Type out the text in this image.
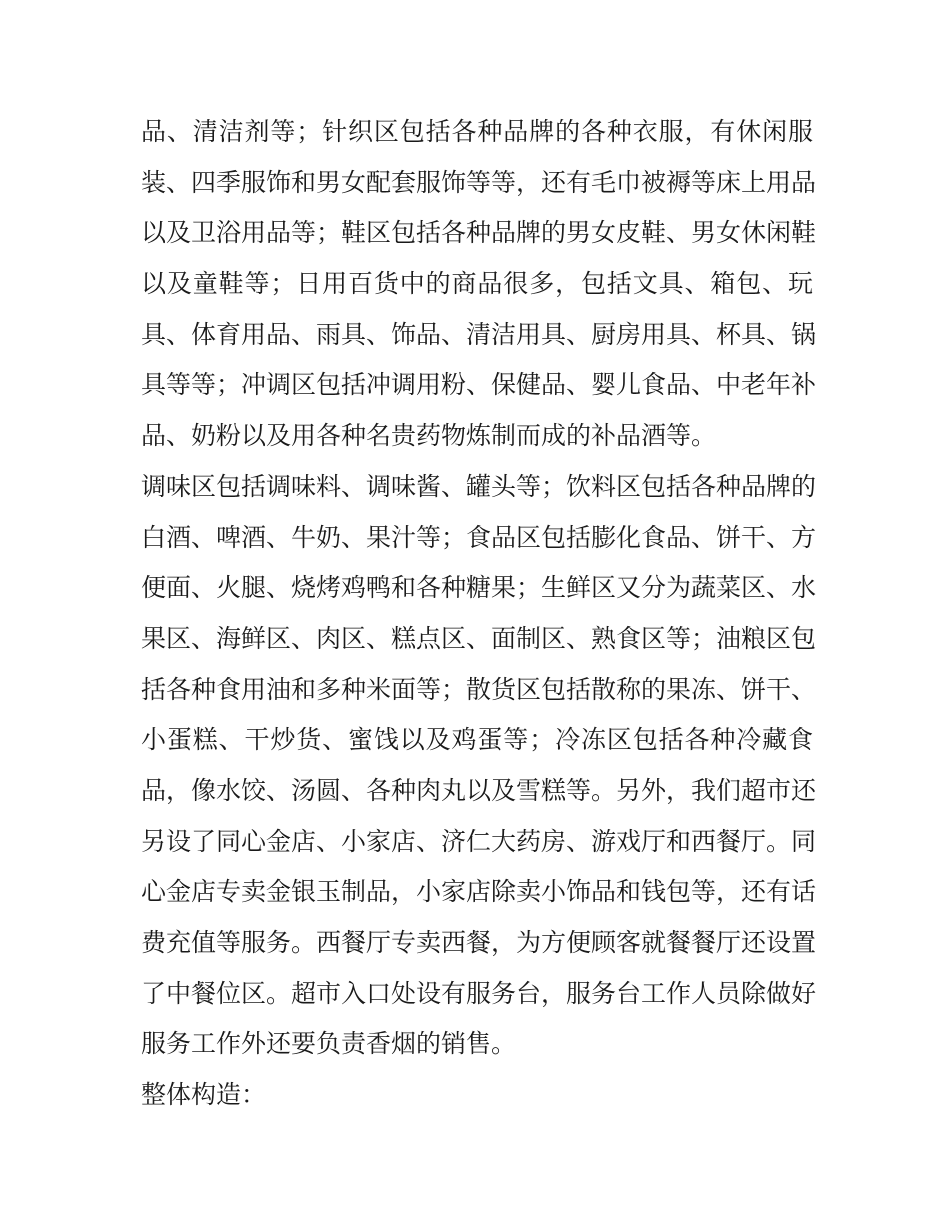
品、清洁剂等；针织区包括各种品牌的各种衣服，有休闲服
装、四季服饰和男女配套服饰等等，还有毛巾被褥等床上用品
以及卫浴用品等；鞋区包括各种品牌的男女皮鞋、男女休闲鞋
以及童鞋等；日用百货中的商品很多，包括文具、箱包、玩
具、体育用品、雨具、饰品、清洁用具、厨房用具、杯具、锅
具等等；冲调区包括冲调用粉、保健品、婴儿食品、中老年补
品、奶粉以及用各种名贵药物炼制而成的补品酒等。
调味区包括调味料、调味酱、罐头等；饮料区包括各种品牌的
白酒、啤酒、牛奶、果汁等；食品区包括膨化食品、饼干、方
便面、火腿、烧烤鸡鸭和各种糖果；生鲜区又分为蔬菜区、水
果区、海鲜区、肉区、糕点区、面制区、熟食区等；油粮区包
括各种食用油和多种米面等；散货区包括散称的果冻、饼干、
小蛋糕、干炒货、蜜饯以及鸡蛋等；冷冻区包括各种冷藏食
品，像水饺、汤圆、各种肉丸以及雪糕等。另外，我们超市还
另设了同心金店、小家店、济仁大药房、游戏厅和西餐厅。同
心金店专卖金银玉制品，小家店除卖小饰品和钱包等，还有话
费充值等服务。西餐厅专卖西餐，为方便顾客就餐餐厅还设置
了中餐位区。超市入口处设有服务台，服务台工作人员除做好
服务工作外还要负责香烟的销售。
整体构造：
